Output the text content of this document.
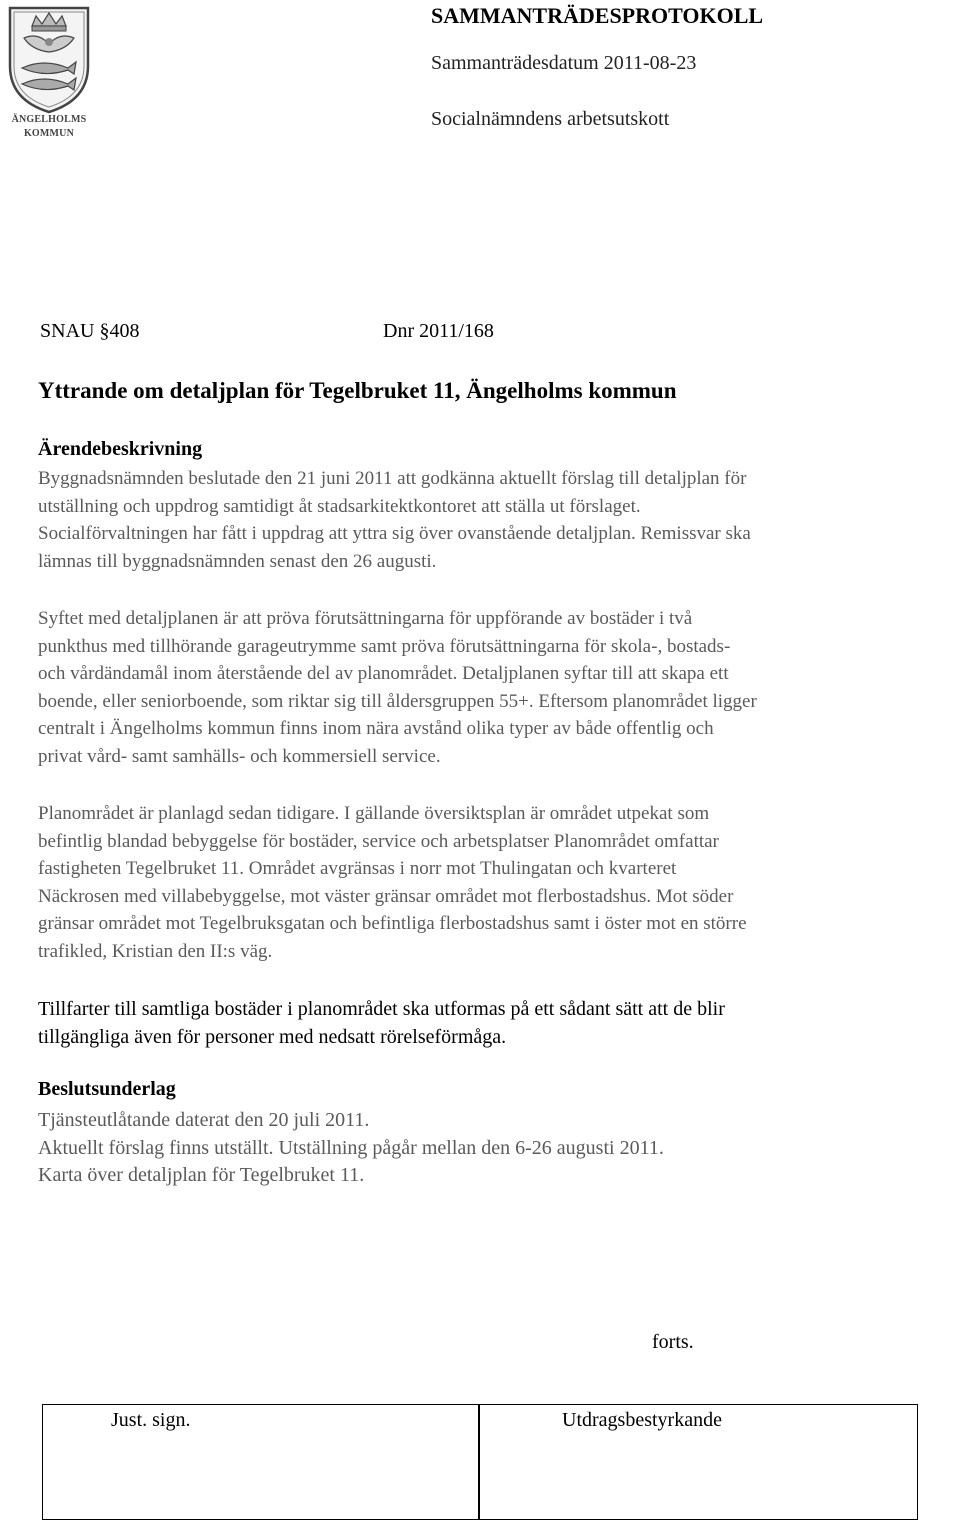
ÄNGELHOLMS
KOMMUN
SAMMANTRÄDESPROTOKOLL
Sammanträdesdatum 2011-08-23
Socialnämndens arbetsutskott
SNAU §408	Dnr 2011/168
Yttrande om detaljplan för Tegelbruket 11, Ängelholms kommun
Ärendebeskrivning
Byggnadsnämnden beslutade den 21 juni 2011 att godkänna aktuellt förslag till detaljplan för
utställning och uppdrog samtidigt åt stadsarkitektkontoret att ställa ut förslaget.
Socialförvaltningen har fått i uppdrag att yttra sig över ovanstående detaljplan. Remissvar ska
lämnas till byggnadsnämnden senast den 26 augusti.
Syftet med detaljplanen är att pröva förutsättningarna för uppförande av bostäder i två
punkthus med tillhörande garageutrymme samt pröva förutsättningarna för skola-, bostads-
och vårdändamål inom återstående del av planområdet. Detaljplanen syftar till att skapa ett
boende, eller seniorboende, som riktar sig till åldersgruppen 55+. Eftersom planområdet ligger
centralt i Ängelholms kommun finns inom nära avstånd olika typer av både offentlig och
privat vård- samt samhälls- och kommersiell service.
Planområdet är planlagd sedan tidigare. I gällande översiktsplan är området utpekat som
befintlig blandad bebyggelse för bostäder, service och arbetsplatser Planområdet omfattar
fastigheten Tegelbruket 11. Området avgränsas i norr mot Thulingatan och kvarteret
Näckrosen med villabebyggelse, mot väster gränsar området mot flerbostadshus. Mot söder
gränsar området mot Tegelbruksgatan och befintliga flerbostadshus samt i öster mot en större
trafikled, Kristian den II:s väg.
Tillfarter till samtliga bostäder i planområdet ska utformas på ett sådant sätt att de blir
tillgängliga även för personer med nedsatt rörelseförmåga.
Beslutsunderlag
Tjänsteutlåtande daterat den 20 juli 2011.
Aktuellt förslag finns utställt. Utställning pågår mellan den 6-26 augusti 2011.
Karta över detaljplan för Tegelbruket 11.
forts.
Just. sign.	Utdragsbestyrkande
